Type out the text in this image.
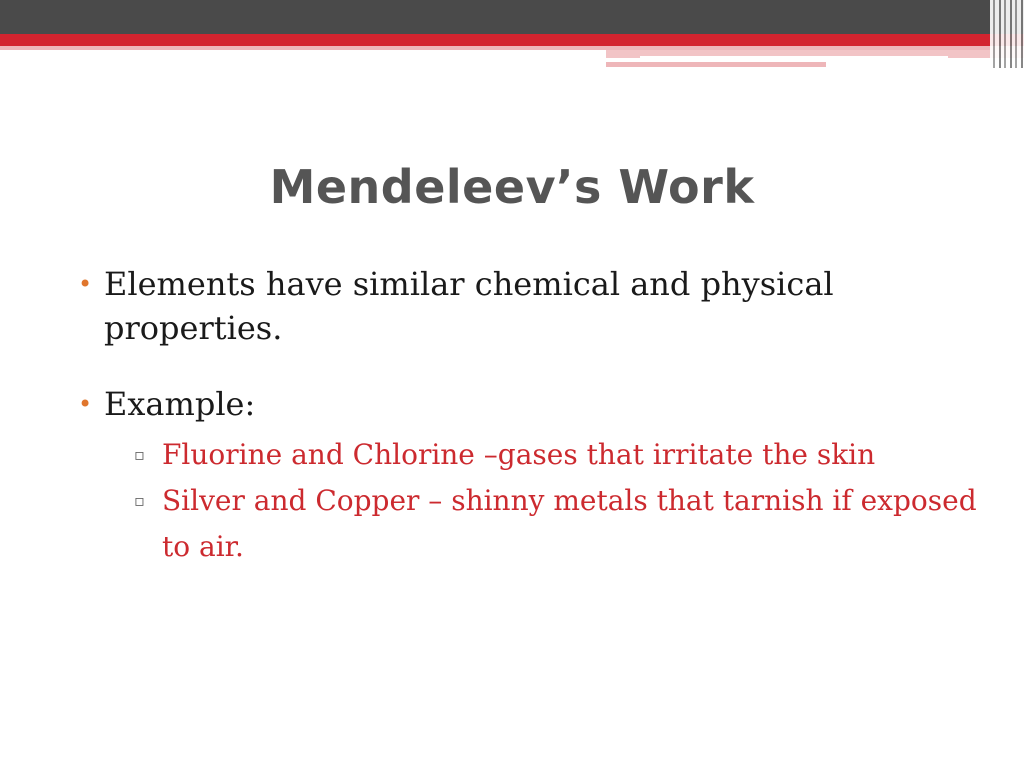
Mendeleev’s Work
• Elements have similar chemical and physical properties.
• Example:
▫ Fluorine and Chlorine –gases that irritate the skin
▫ Silver and Copper – shinny metals that tarnish if exposed to air.
